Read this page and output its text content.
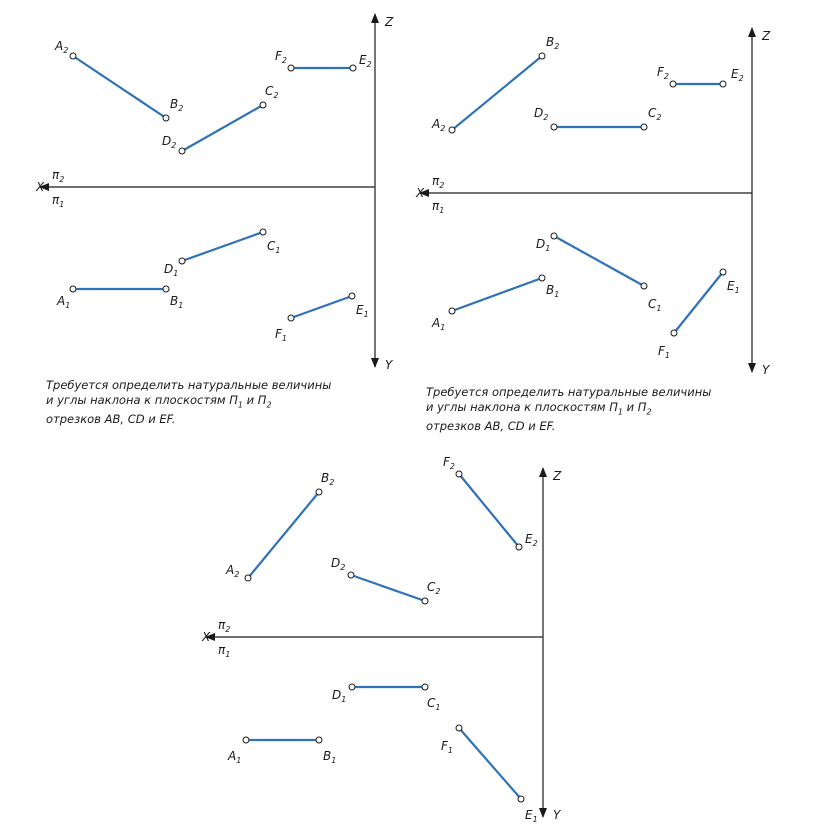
X
Z
Y
$\pi_2$
$\pi_1$
$A_2$
$B_2$
$C_2$
$D_2$
$E_2$
$F_2$
$A_1$	$B_1$
$C_1$
$D_1$
$E_1$
$F_1$
X
Z
Y
$\pi_2$
$\pi_1$
$A_2$
$B_2$
$C_2$
$D_2$
$E_2$
$F_2$
$A_1$
$B_1$
$C_1$
$D_1$
$E_1$
$F_1$
X
Z
Y
$\pi_2$
$\pi_1$
$A_2$
$B_2$
$C_2$
$D_2$
$E_2$
$F_2$
$A_1$	$B_1$
$C_1$
$D_1$
$E_1$
$F_1$

Требуется определить натуральные величины
и углы наклона к плоскостям $П_1$ и $П_2$
отрезков АВ, CD и EF.

Требуется определить натуральные величины
и углы наклона к плоскостям $П_1$ и $П_2$
отрезков АВ, CD и EF.
